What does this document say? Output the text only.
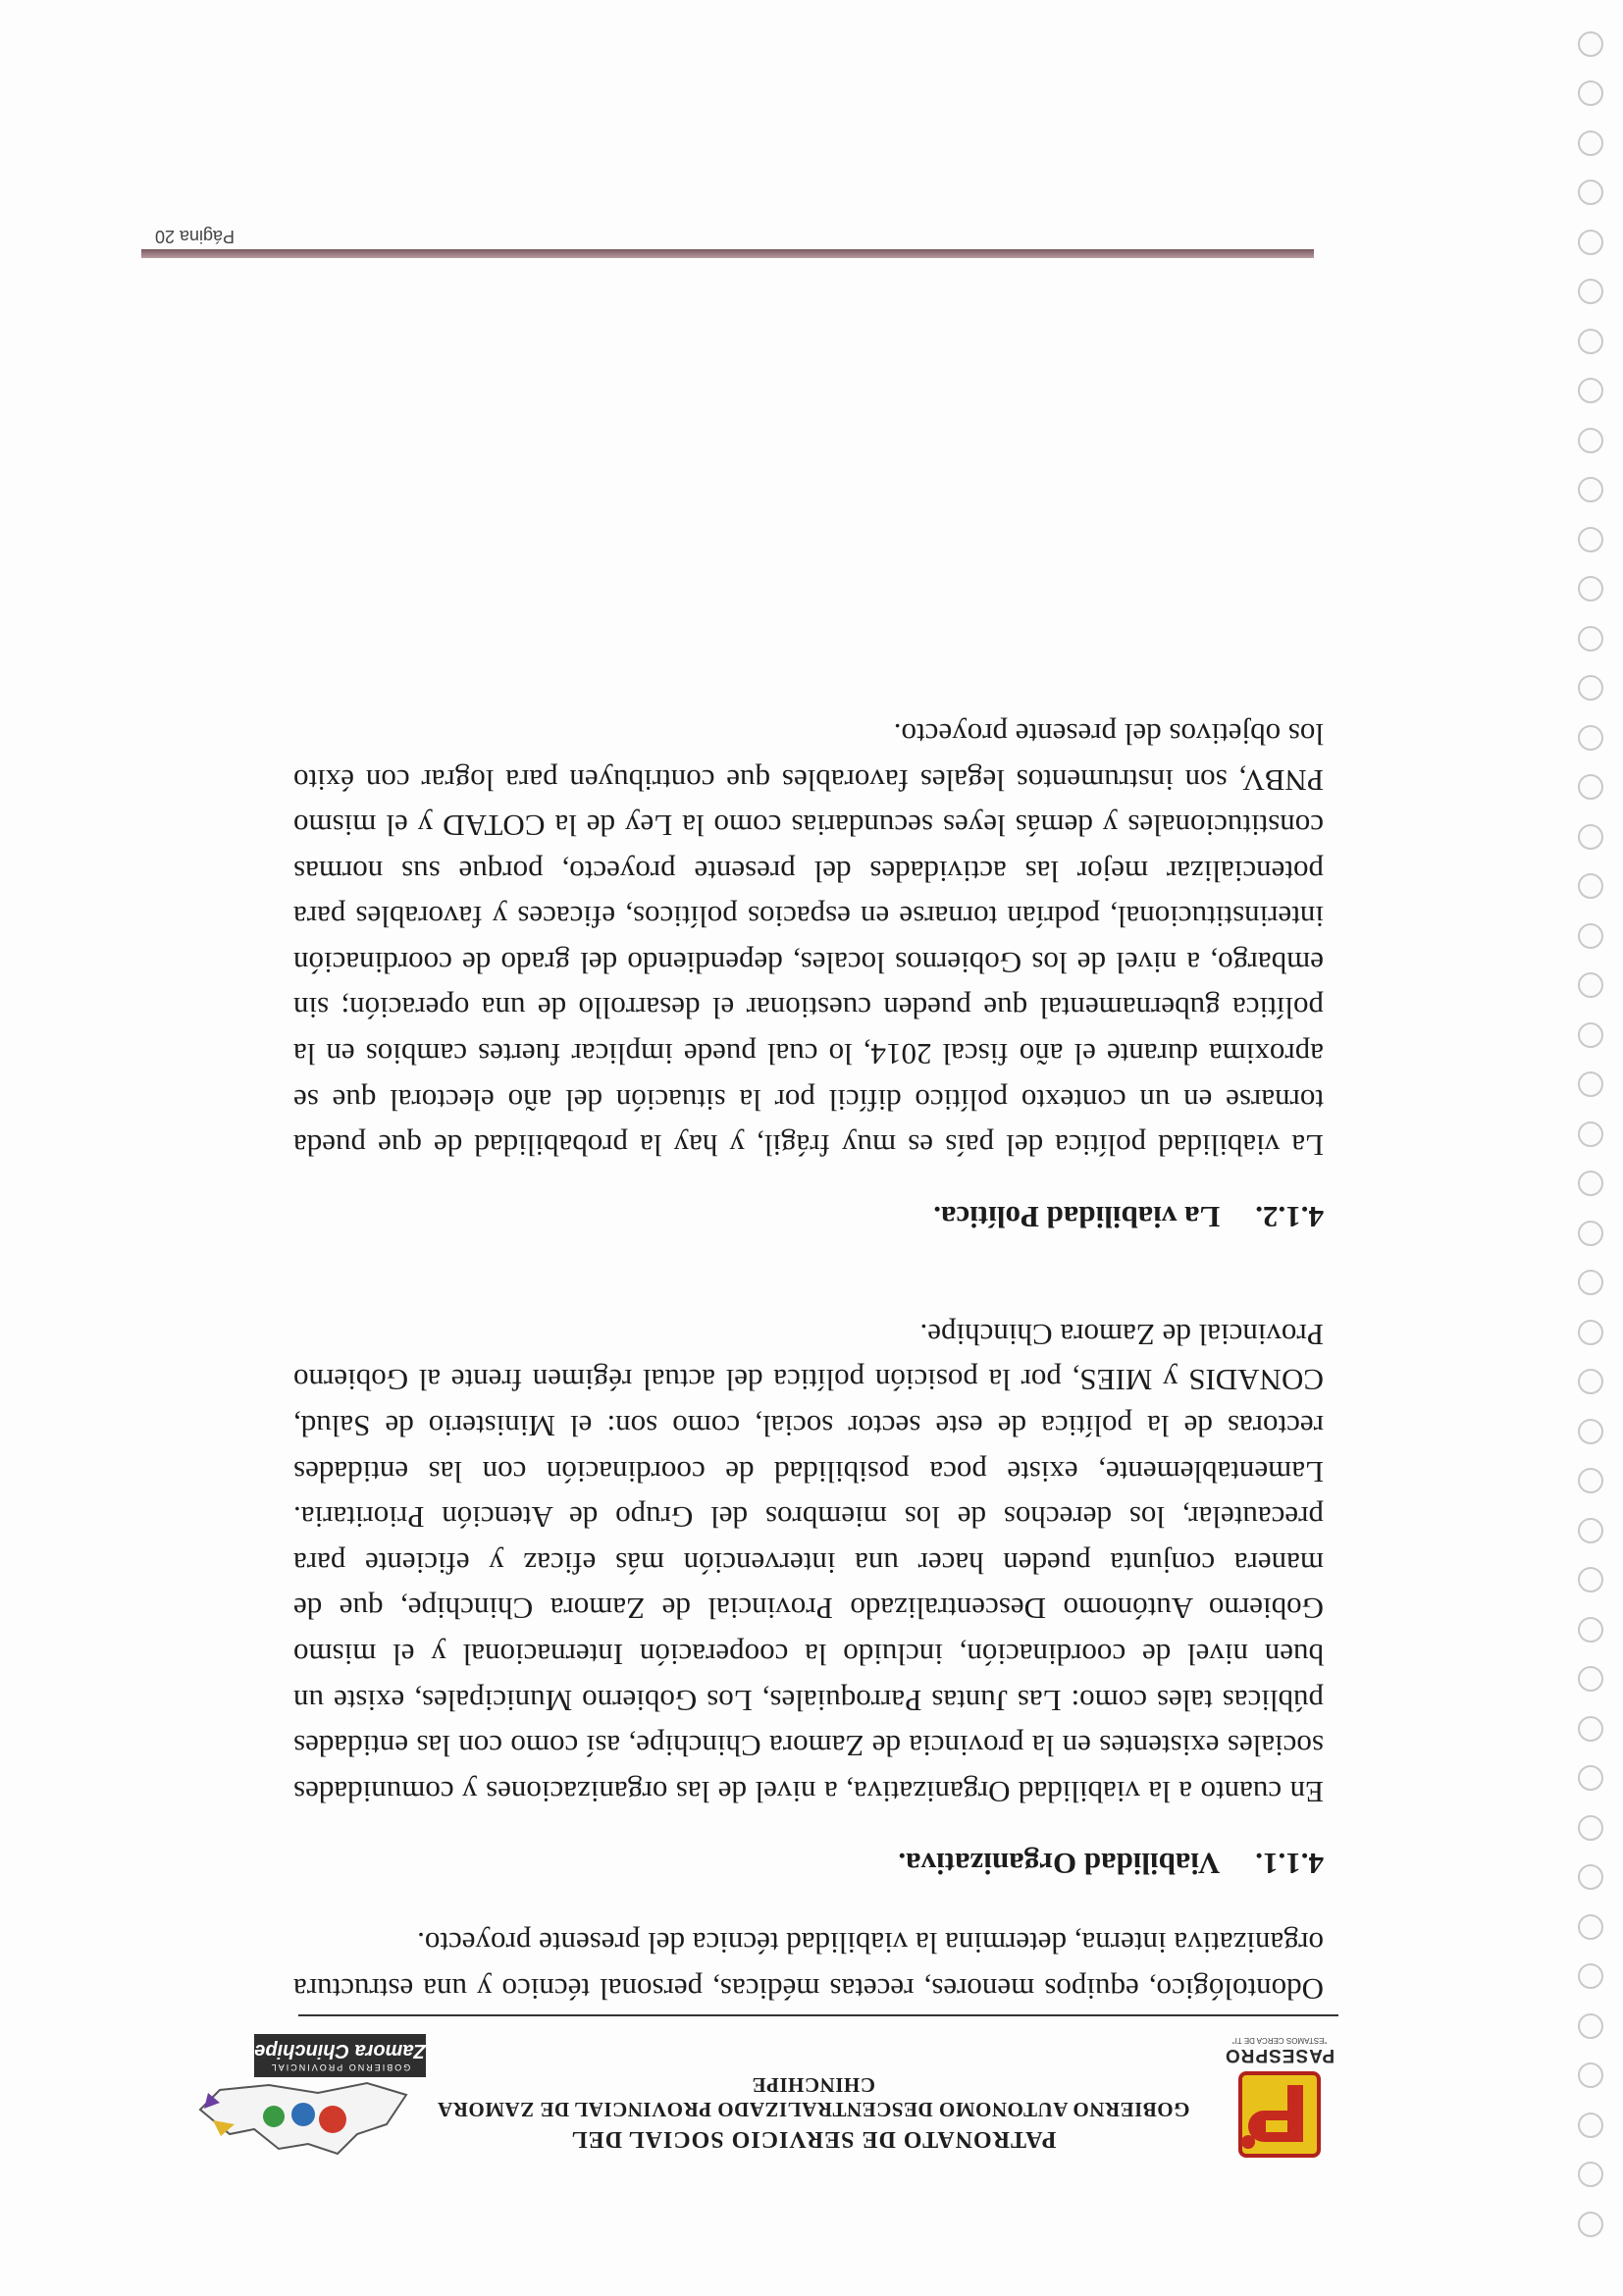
PASESPRO
"ESTAMOS CERCA DE TI"
PATRONATO DE SERVICIO SOCIAL DEL
GOBIERNO AUTONOMO DESCENTRALIZADO PROVINCIAL DE ZAMORA CHINCHIPE
GOBIERNO PROVINCIAL
Zamora Chinchipe

Odontológico, equipos menores, recetas médicas, personal técnico y una estructura organizativa interna, determina la viabilidad técnica del presente proyecto.

4.1.1.Viabilidad Organizativa.

En cuanto a la viabilidad Organizativa, a nivel de las organizaciones y comunidades sociales existentes en la provincia de Zamora Chinchipe, así como con las entidades públicas tales como: Las Juntas Parroquiales, Los Gobierno Municipales, existe un buen nivel de coordinación, incluido la cooperación Internacional y el mismo Gobierno Autónomo Descentralizado Provincial de Zamora Chinchipe, que de manera conjunta pueden hacer una intervención más eficaz y eficiente para precautelar, los derechos de los miembros del Grupo de Atención Prioritaria. Lamentablemente, existe poca posibilidad de coordinación con las entidades rectoras de la política de este sector social, como son: el Ministerio de Salud, CONADIS y MIES, por la posición política del actual régimen frente al Gobierno Provincial de Zamora Chinchipe.

4.1.2.La viabilidad Política.

La viabilidad política del país es muy frágil, y hay la probabilidad de que pueda tornarse en un contexto político difícil por la situación del año electoral que se aproxima durante el año fiscal 2014, lo cual puede implicar fuertes cambios en la política gubernamental que pueden cuestionar el desarrollo de una operación; sin embargo, a nivel de los Gobiernos locales, dependiendo del grado de coordinación interinstitucional, podrían tornarse en espacios políticos, eficaces y favorables para potencializar mejor las actividades del presente proyecto, porque sus normas constitucionales y demás leyes secundarias como la Ley de la COTAD y el mismo PNBV, son instrumentos legales favorables que contribuyen para lograr con éxito los objetivos del presente proyecto.

Página 20
